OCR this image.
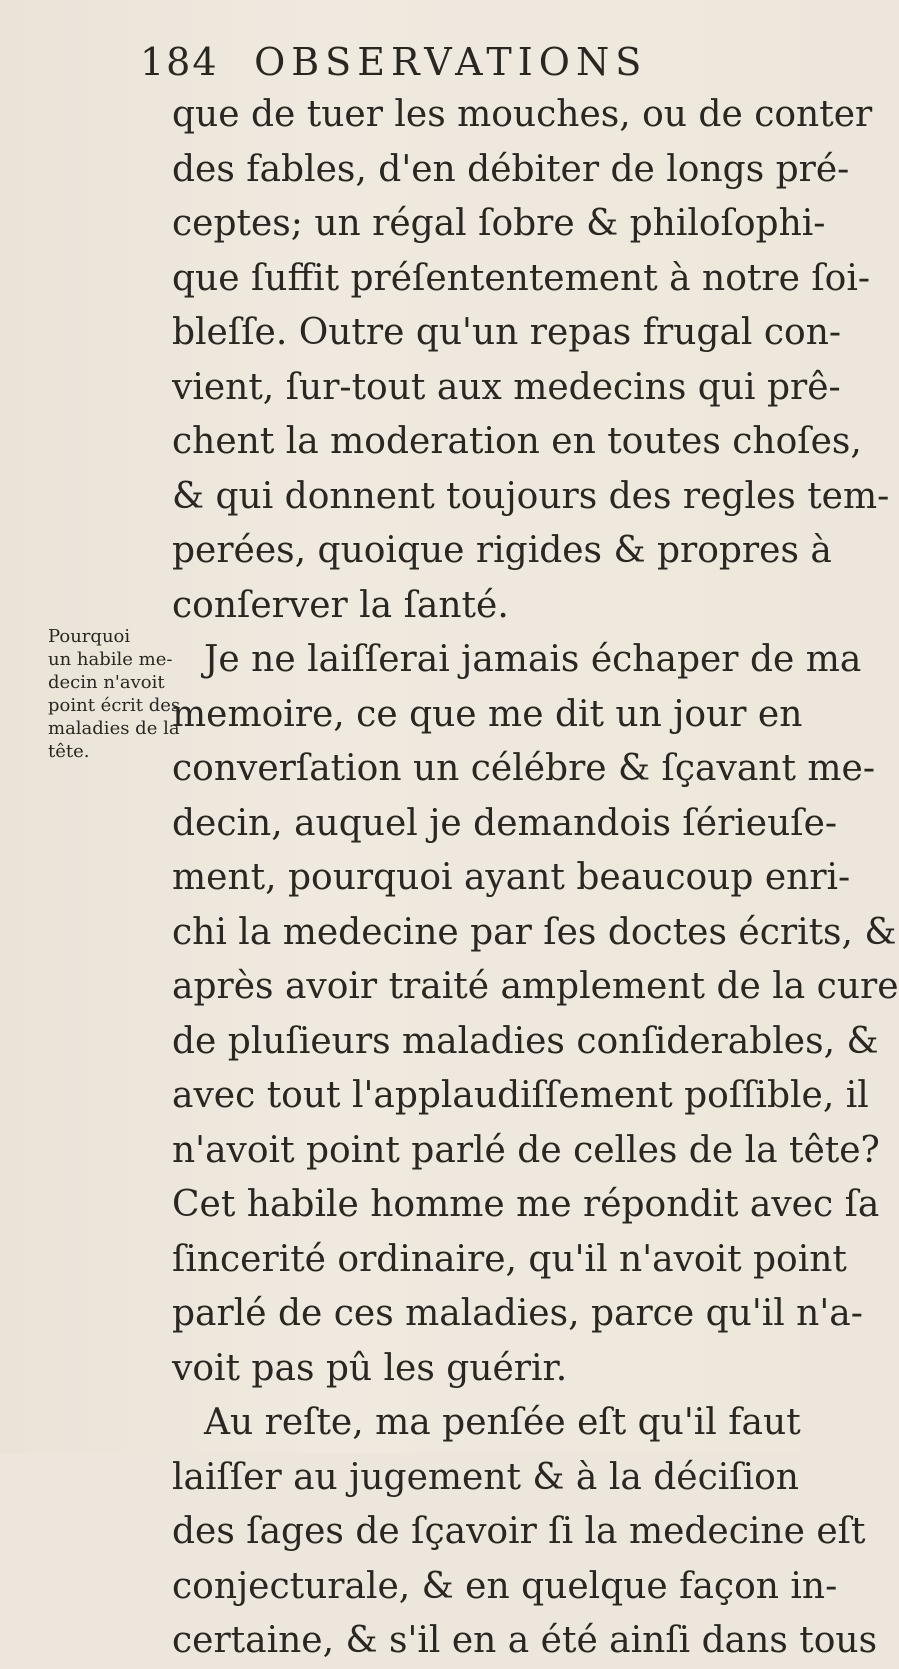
184 OBSERVATIONS
Pourquoi
un habile me-
decin n'avoit
point écrit des
maladies de la
tête.
que de tuer les mouches, ou de conter
des fables, d'en débiter de longs pré-
ceptes; un régal ſobre & philoſophi-
que ſuffit préſententement à notre ſoi-
bleſſe. Outre qu'un repas frugal con-
vient, ſur-tout aux medecins qui prê-
chent la moderation en toutes choſes,
& qui donnent toujours des regles tem-
perées, quoique rigides & propres à
conſerver la ſanté.
Je ne laiſſerai jamais échaper de ma
memoire, ce que me dit un jour en
converſation un célébre & ſçavant me-
decin, auquel je demandois ſérieuſe-
ment, pourquoi ayant beaucoup enri-
chi la medecine par ſes doctes écrits, &
après avoir traité amplement de la cure
de pluſieurs maladies conſiderables, &
avec tout l'applaudiſſement poſſible, il
n'avoit point parlé de celles de la tête?
Cet habile homme me répondit avec ſa
ſincerité ordinaire, qu'il n'avoit point
parlé de ces maladies, parce qu'il n'a-
voit pas pû les guérir.
Au reſte, ma penſée eſt qu'il faut
laiſſer au jugement & à la déciſion
des ſages de ſçavoir ſi la medecine eſt
conjecturale, & en quelque façon in-
certaine, & s'il en a été ainſi dans tous
